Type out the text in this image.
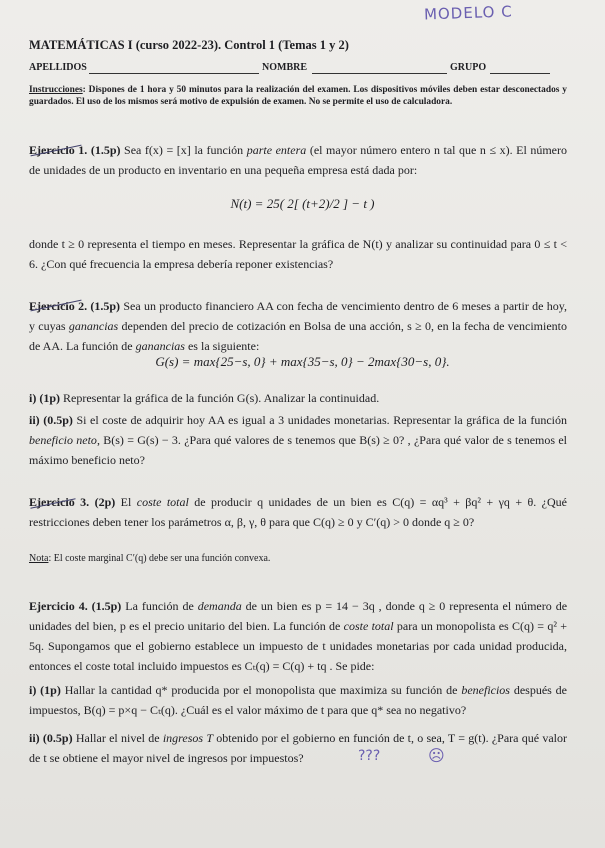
MODELO C
MATEMÁTICAS I (curso 2022-23). Control 1 (Temas 1 y 2)
APELLIDOS	NOMBRE	GRUPO
Instrucciones: Dispones de 1 hora y 50 minutos para la realización del examen. Los dispositivos móviles deben estar desconectados y guardados. El uso de los mismos será motivo de expulsión de examen. No se permite el uso de calculadora.
Ejercicio 1. (1.5p) Sea f(x) = [x] la función parte entera (el mayor número entero n tal que n ≤ x). El número de unidades de un producto en inventario en una pequeña empresa está dada por:
N(t) = 25( 2[ (t+2)/2 ] − t )
donde t ≥ 0 representa el tiempo en meses. Representar la gráfica de N(t) y analizar su continuidad para 0 ≤ t < 6. ¿Con qué frecuencia la empresa debería reponer existencias?
Ejercicio 2. (1.5p) Sea un producto financiero AA con fecha de vencimiento dentro de 6 meses a partir de hoy, y cuyas ganancias dependen del precio de cotización en Bolsa de una acción, s ≥ 0, en la fecha de vencimiento de AA. La función de ganancias es la siguiente:
G(s) = max{25−s, 0} + max{35−s, 0} − 2max{30−s, 0}.
i) (1p) Representar la gráfica de la función G(s). Analizar la continuidad.
ii) (0.5p) Si el coste de adquirir hoy AA es igual a 3 unidades monetarias. Representar la gráfica de la función beneficio neto, B(s) = G(s) − 3. ¿Para qué valores de s tenemos que B(s) ≥ 0? , ¿Para qué valor de s tenemos el máximo beneficio neto?
Ejercicio 3. (2p) El coste total de producir q unidades de un bien es C(q) = αq³ + βq² + γq + θ. ¿Qué restricciones deben tener los parámetros α, β, γ, θ para que C(q) ≥ 0 y C′(q) > 0 donde q ≥ 0?
Nota: El coste marginal C′(q) debe ser una función convexa.
Ejercicio 4. (1.5p) La función de demanda de un bien es p = 14 − 3q , donde q ≥ 0 representa el número de unidades del bien, p es el precio unitario del bien. La función de coste total para un monopolista es C(q) = q² + 5q. Supongamos que el gobierno establece un impuesto de t unidades monetarias por cada unidad producida, entonces el coste total incluido impuestos es Cₜ(q) = C(q) + tq . Se pide:
i) (1p) Hallar la cantidad q* producida por el monopolista que maximiza su función de beneficios después de impuestos, B(q) = p×q − Cₜ(q). ¿Cuál es el valor máximo de t para que q* sea no negativo?
ii) (0.5p) Hallar el nivel de ingresos T obtenido por el gobierno en función de t, o sea, T = g(t). ¿Para qué valor de t se obtiene el mayor nivel de ingresos por impuestos?	???	☹
